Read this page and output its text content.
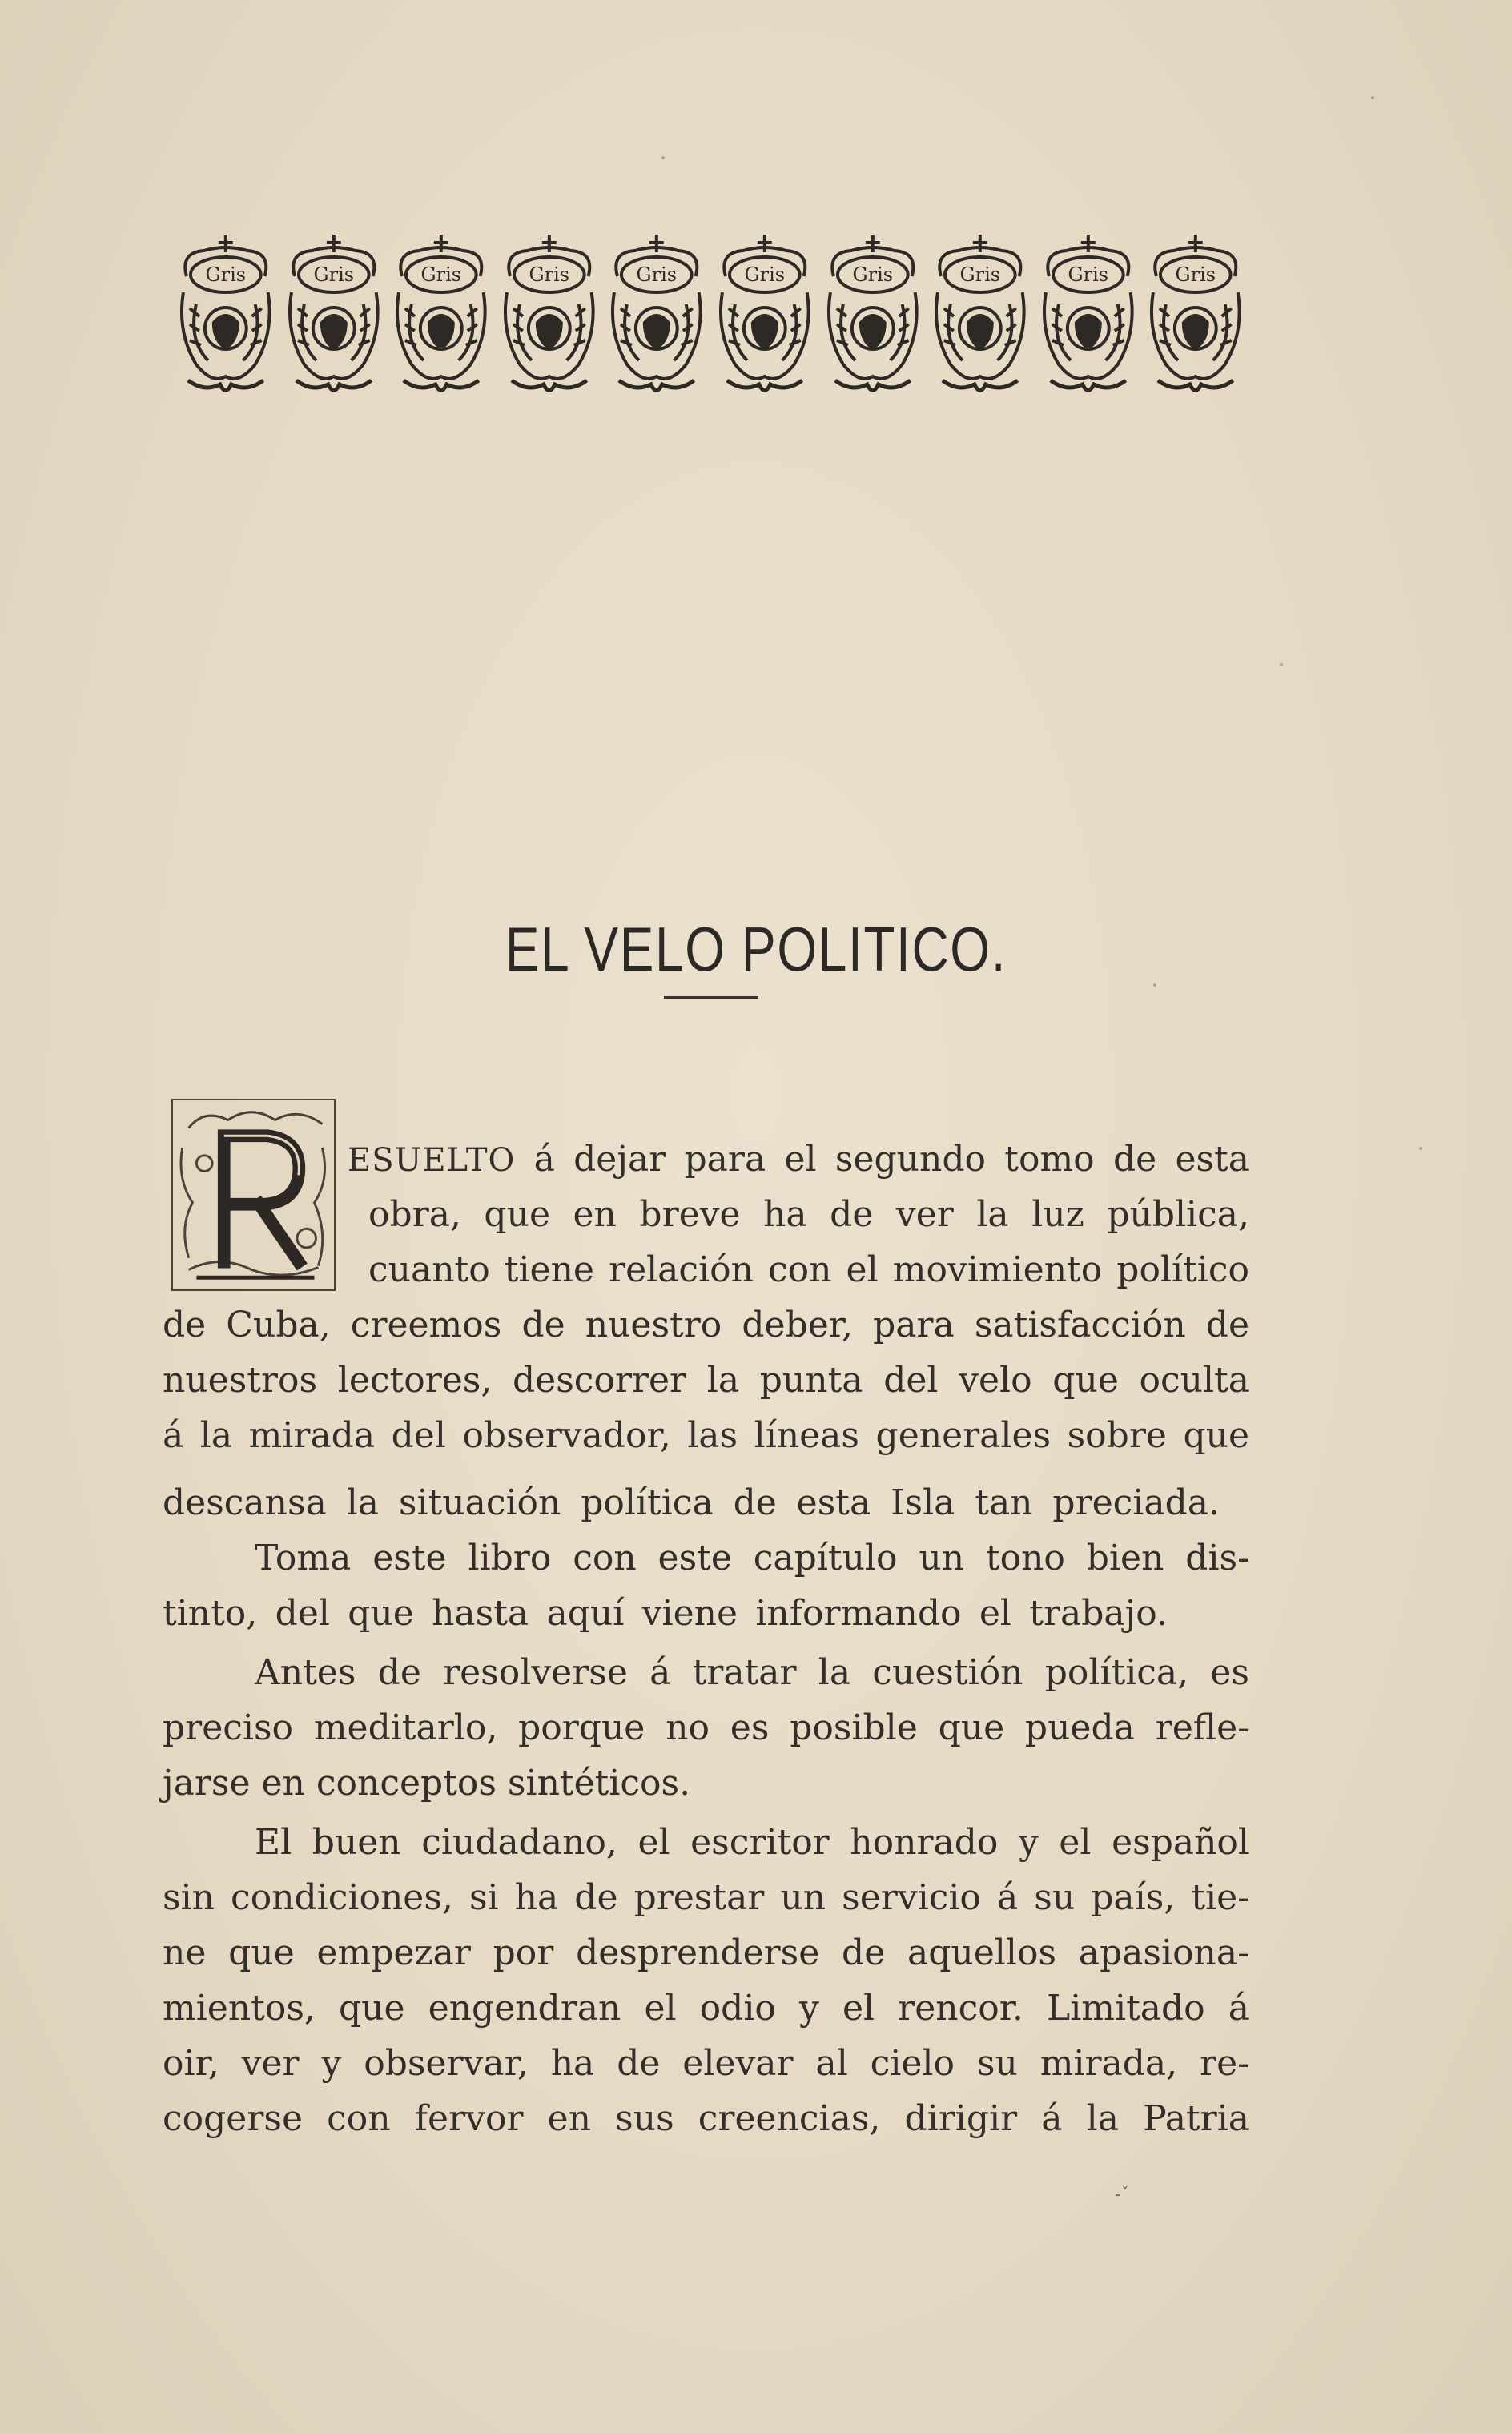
Gris	Gris	Gris	Gris	Gris	Gris	Gris	Gris	Gris	Gris
EL VELO POLITICO.
ESUELTO á dejar para el segundo tomo de esta
obra, que en breve ha de ver la luz pública,
cuanto tiene relación con el movimiento político
de Cuba, creemos de nuestro deber, para satisfacción de
nuestros lectores, descorrer la punta del velo que oculta
á la mirada del observador, las líneas generales sobre que
descansa la situación política de esta Isla tan preciada.
Toma este libro con este capítulo un tono bien dis-
tinto, del que hasta aquí viene informando el trabajo.
Antes de resolverse á tratar la cuestión política, es
preciso meditarlo, porque no es posible que pueda refle-
jarse en conceptos sintéticos.
El buen ciudadano, el escritor honrado y el español
sin condiciones, si ha de prestar un servicio á su país, tie-
ne que empezar por desprenderse de aquellos apasiona-
mientos, que engendran el odio y el rencor. Limitado á
oir, ver y observar, ha de elevar al cielo su mirada, re-
cogerse con fervor en sus creencias, dirigir á la Patria
-ˇ
